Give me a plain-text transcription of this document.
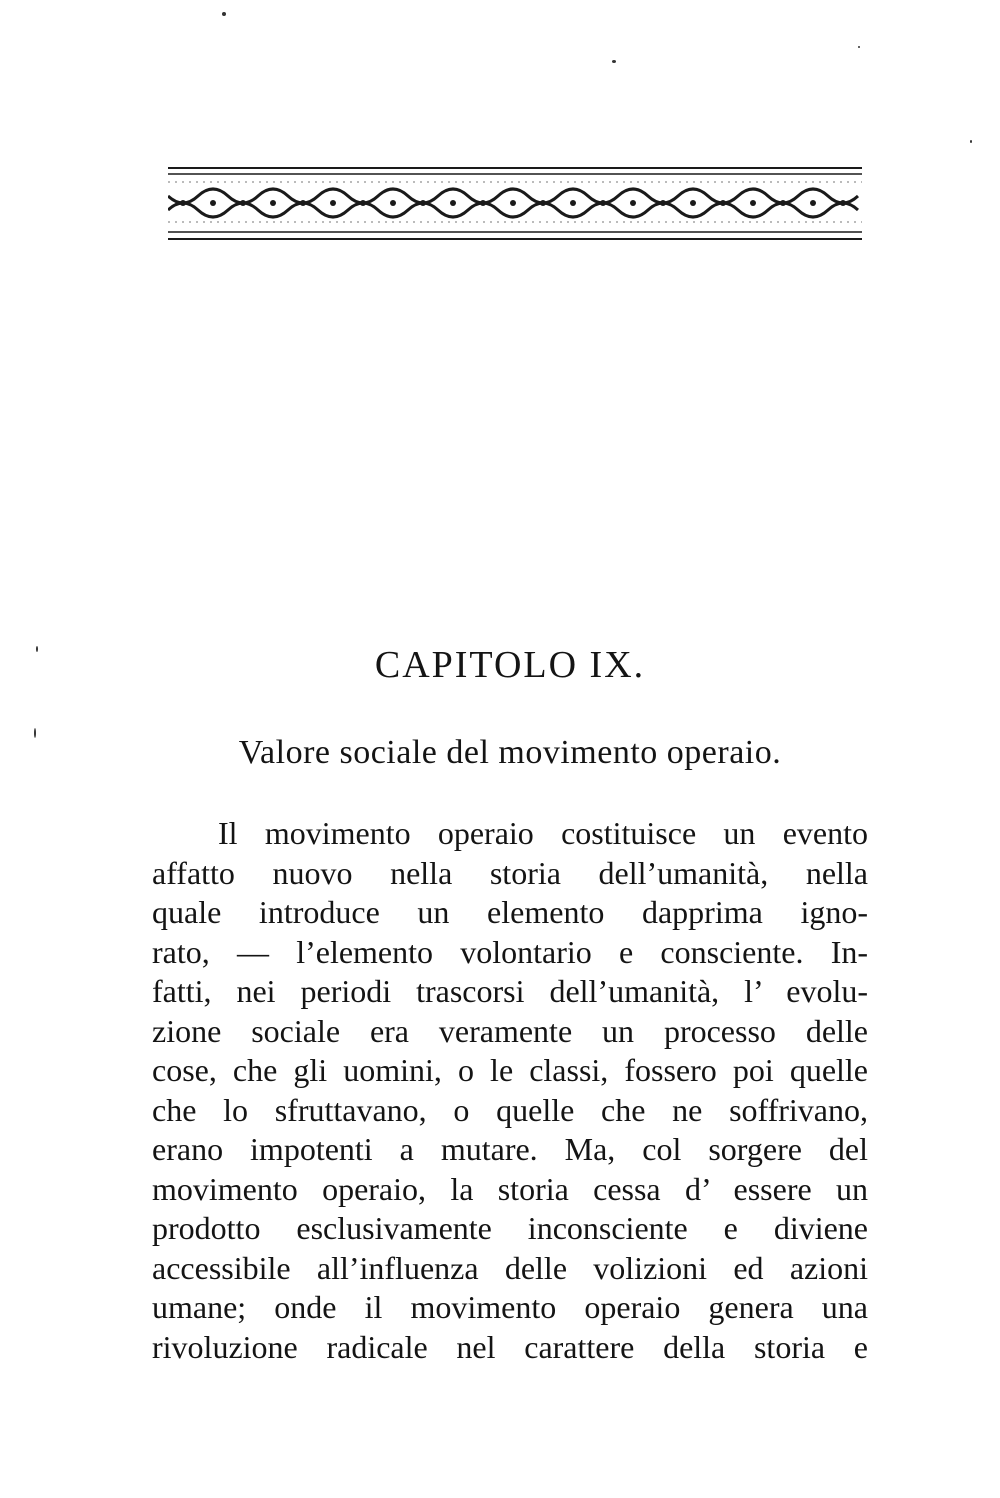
CAPITOLO IX.
Valore sociale del movimento operaio.
Il movimento operaio costituisce un evento
affatto nuovo nella storia dell’umanità, nella
quale introduce un elemento dapprima igno-
rato, — l’elemento volontario e consciente. In-
fatti, nei periodi trascorsi dell’umanità, l’ evolu-
zione sociale era veramente un processo delle
cose, che gli uomini, o le classi, fossero poi quelle
che lo sfruttavano, o quelle che ne soffrivano,
erano impotenti a mutare. Ma, col sorgere del
movimento operaio, la storia cessa d’ essere un
prodotto esclusivamente inconsciente e diviene
accessibile all’influenza delle volizioni ed azioni
umane; onde il movimento operaio genera una
rivoluzione radicale nel carattere della storia e
